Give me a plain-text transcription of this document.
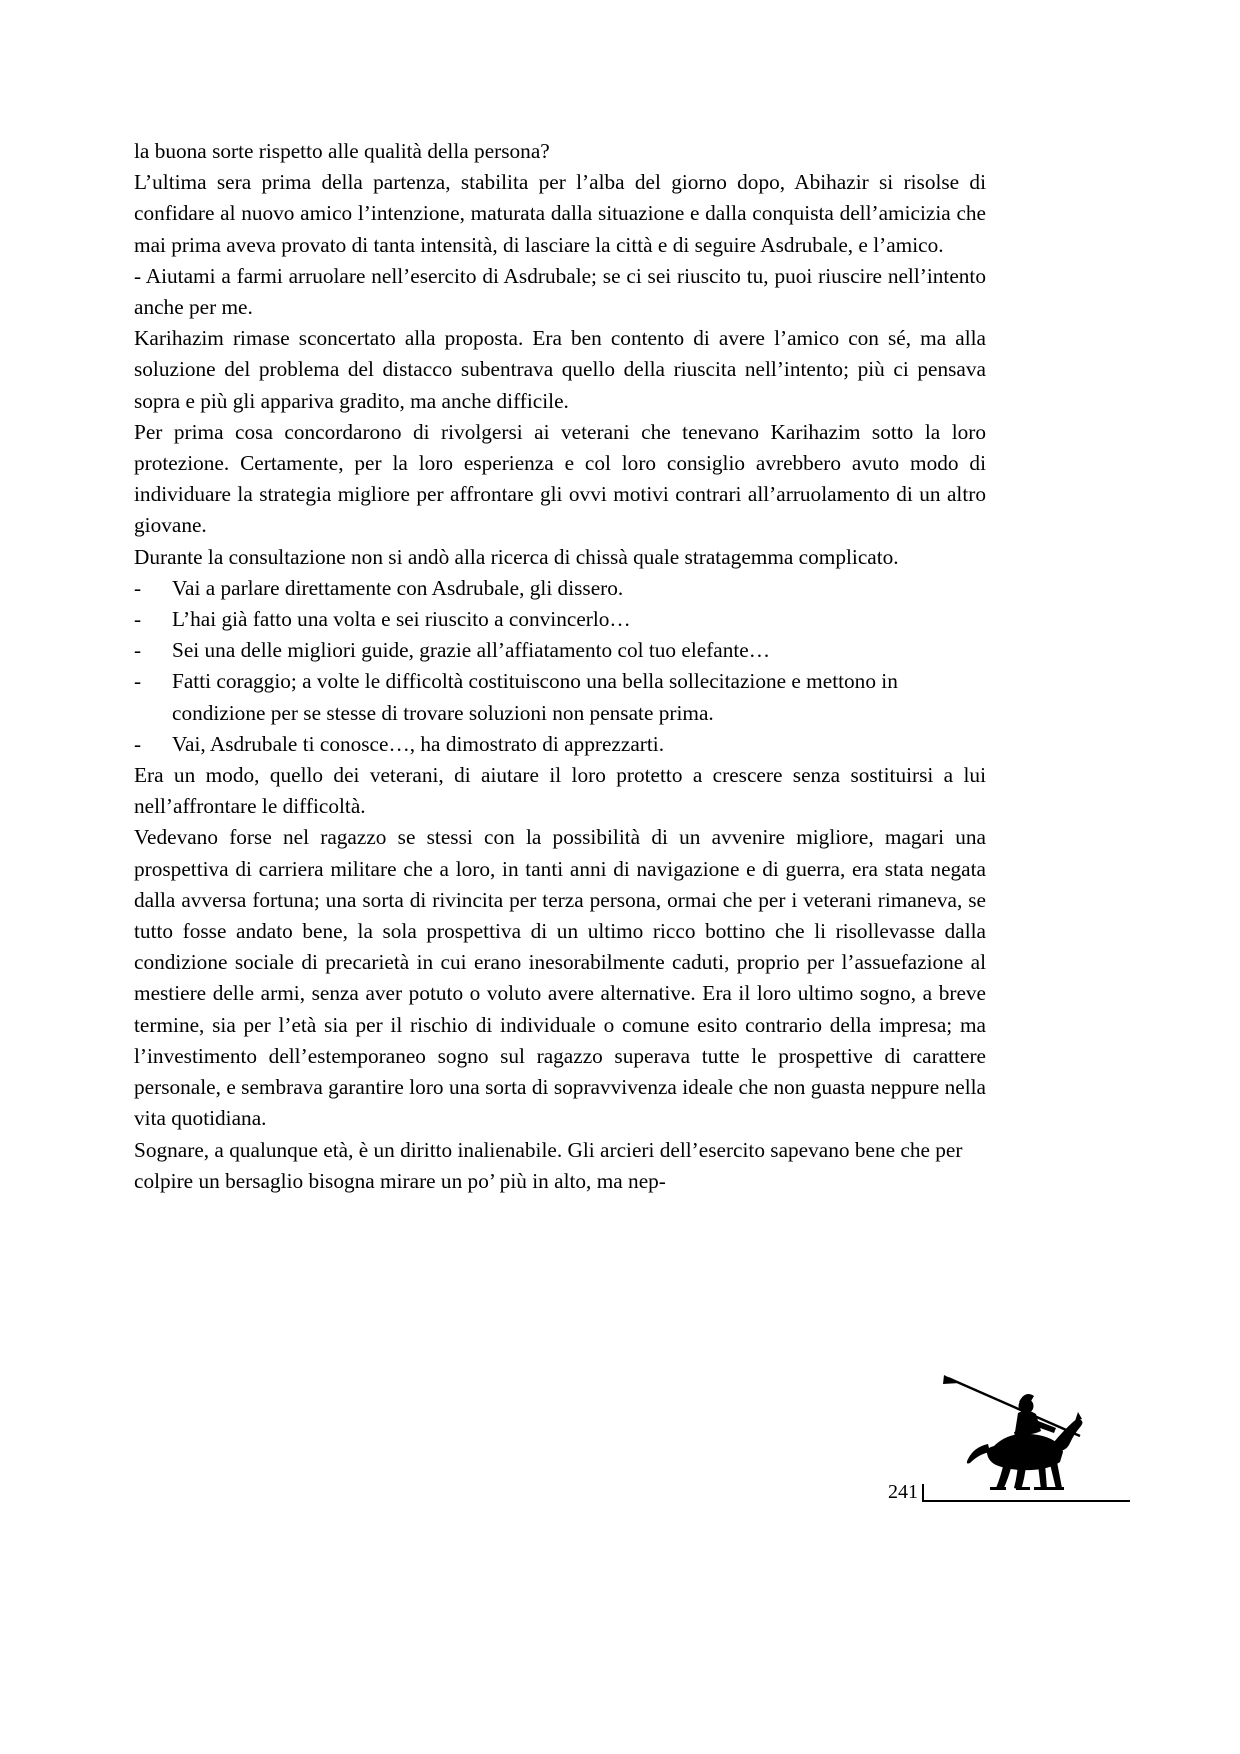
la buona sorte rispetto alle qualità della persona?

L’ultima sera prima della partenza, stabilita per l’alba del giorno dopo, Abihazir si risolse di confidare al nuovo amico l’intenzione, maturata dalla situazione e dalla conquista dell’amicizia che mai prima aveva provato di tanta intensità, di lasciare la città e di seguire Asdrubale, e l’amico.

- Aiutami a farmi arruolare nell’esercito di Asdrubale; se ci sei riuscito tu, puoi riuscire nell’intento anche per me.

Karihazim rimase sconcertato alla proposta. Era ben contento di avere l’amico con sé, ma alla soluzione del problema del distacco subentrava quello della riuscita nell’intento; più ci pensava sopra e più gli appariva gradito, ma anche difficile.

Per prima cosa concordarono di rivolgersi ai veterani che tenevano Karihazim sotto la loro protezione. Certamente, per la loro esperienza e col loro consiglio avrebbero avuto modo di individuare la strategia migliore per affrontare gli ovvi motivi contrari all’arruolamento di un altro giovane.

Durante la consultazione non si andò alla ricerca di chissà quale stratagemma complicato.

-	Vai a parlare direttamente con Asdrubale, gli dissero.
-	L’hai già fatto una volta e sei riuscito a convincerlo…
-	Sei una delle migliori guide, grazie all’affiatamento col tuo elefante…
-	Fatti coraggio; a volte le difficoltà costituiscono una bella sollecitazione e mettono in condizione per se stesse di trovare soluzioni non pensate prima.
-	Vai, Asdrubale ti conosce…, ha dimostrato di apprezzarti.

Era un modo, quello dei veterani, di aiutare il loro protetto a crescere senza sostituirsi a lui nell’affrontare le difficoltà.

Vedevano forse nel ragazzo se stessi con la possibilità di un avvenire migliore, magari una prospettiva di carriera militare che a loro, in tanti anni di navigazione e di guerra, era stata negata dalla avversa fortuna; una sorta di rivincita per terza persona, ormai che per i veterani rimaneva, se tutto fosse andato bene, la sola prospettiva di un ultimo ricco bottino che li risollevasse dalla condizione sociale di precarietà in cui erano inesorabilmente caduti, proprio per l’assuefazione al mestiere delle armi, senza aver potuto o voluto avere alternative. Era il loro ultimo sogno, a breve termine, sia per l’età sia per il rischio di individuale o comune esito contrario della impresa; ma l’investimento dell’estemporaneo sogno sul ragazzo superava tutte le prospettive di carattere personale, e sembrava garantire loro una sorta di sopravvivenza ideale che non guasta neppure nella vita quotidiana.

Sognare, a qualunque età, è un diritto inalienabile. Gli arcieri dell’esercito sapevano bene che per colpire un bersaglio bisogna mirare un po’ più in alto, ma nep-

241
